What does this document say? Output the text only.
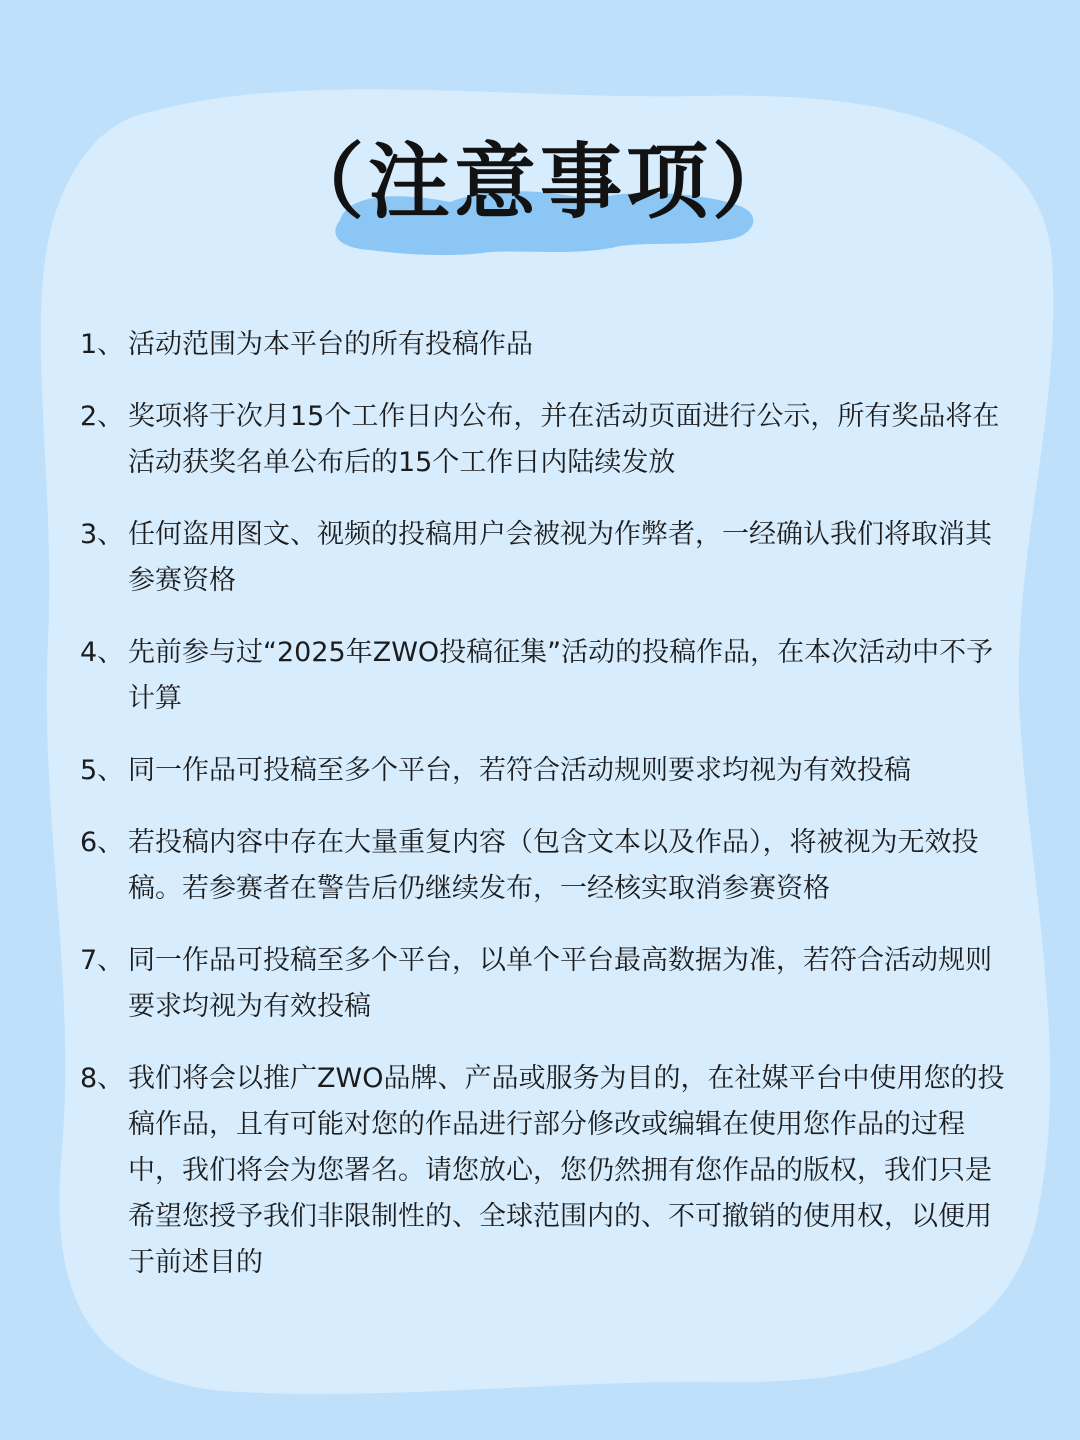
（注意事项）
1、 活动范围为本平台的所有投稿作品
2、 奖项将于次月15个工作日内公布，并在活动页面进行公示，所有奖品将在活动获奖名单公布后的15个工作日内陆续发放
3、 任何盗用图文、视频的投稿用户会被视为作弊者，一经确认我们将取消其参赛资格
4、 先前参与过“2025年ZWO投稿征集”活动的投稿作品，在本次活动中不予计算
5、 同一作品可投稿至多个平台，若符合活动规则要求均视为有效投稿
6、 若投稿内容中存在大量重复内容（包含文本以及作品），将被视为无效投稿。若参赛者在警告后仍继续发布，一经核实取消参赛资格
7、 同一作品可投稿至多个平台，以单个平台最高数据为准，若符合活动规则要求均视为有效投稿
8、 我们将会以推广ZWO品牌、产品或服务为目的，在社媒平台中使用您的投稿作品，且有可能对您的作品进行部分修改或编辑在使用您作品的过程中，我们将会为您署名。请您放心，您仍然拥有您作品的版权，我们只是希望您授予我们非限制性的、全球范围内的、不可撤销的使用权，以便用于前述目的
